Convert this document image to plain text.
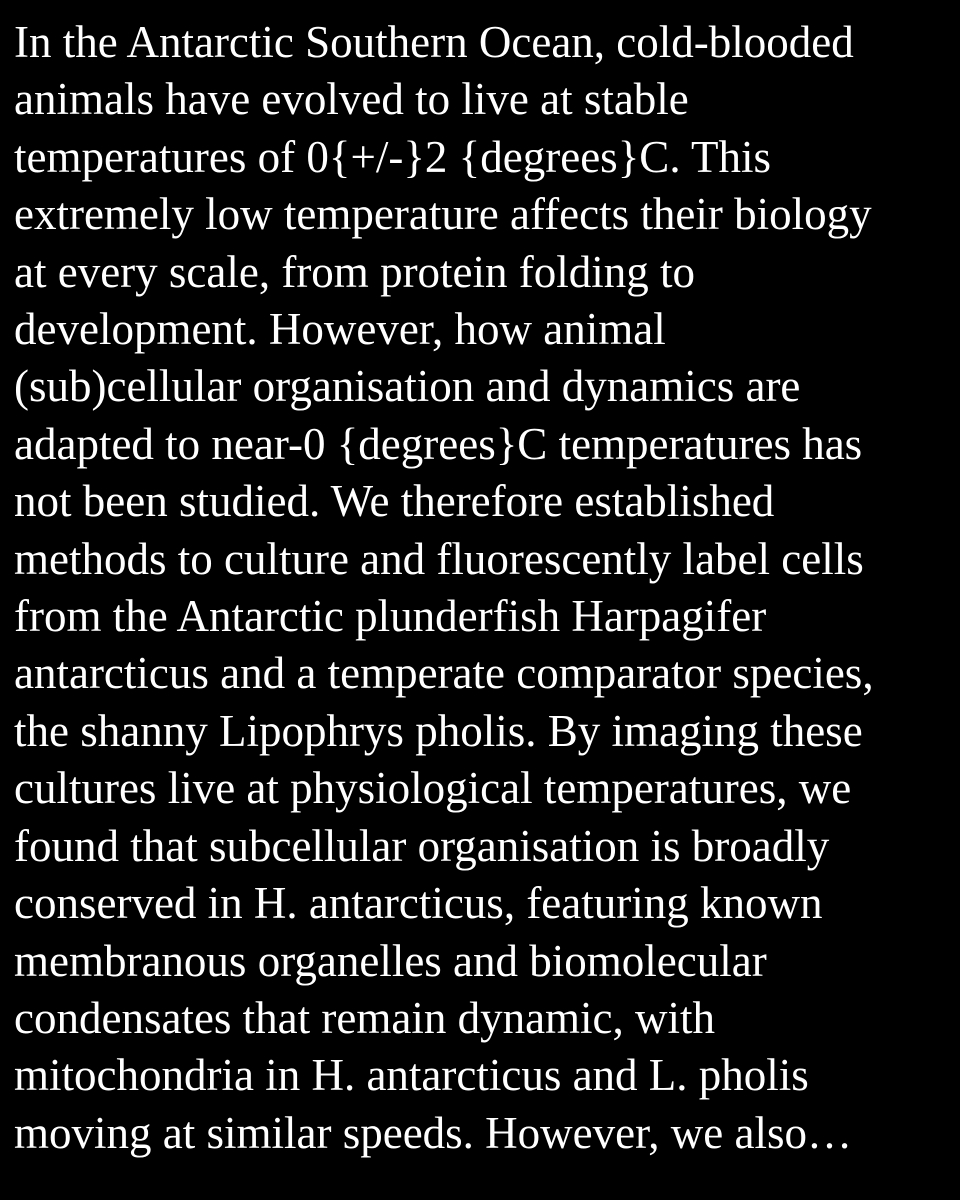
In the Antarctic Southern Ocean, cold-blooded
animals have evolved to live at stable
temperatures of 0{+/-}2 {degrees}C. This
extremely low temperature affects their biology
at every scale, from protein folding to
development. However, how animal
(sub)cellular organisation and dynamics are
adapted to near-0 {degrees}C temperatures has
not been studied. We therefore established
methods to culture and fluorescently label cells
from the Antarctic plunderfish Harpagifer
antarcticus and a temperate comparator species,
the shanny Lipophrys pholis. By imaging these
cultures live at physiological temperatures, we
found that subcellular organisation is broadly
conserved in H. antarcticus, featuring known
membranous organelles and biomolecular
condensates that remain dynamic, with
mitochondria in H. antarcticus and L. pholis
moving at similar speeds. However, we also…
